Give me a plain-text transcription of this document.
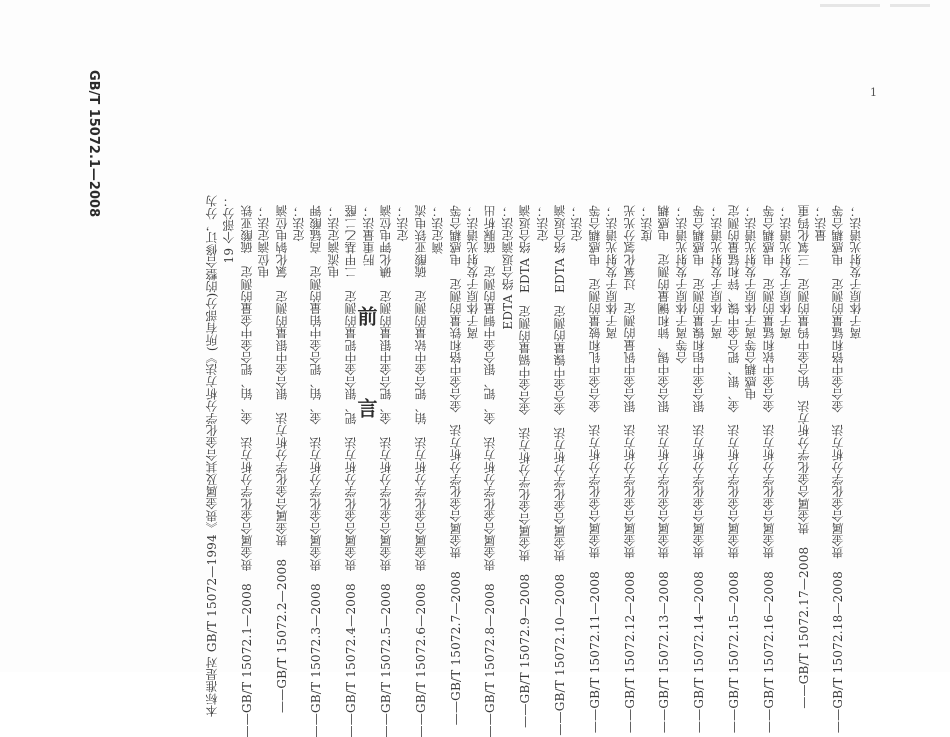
GB/T 15072.1—2008	1
前　言
本标准是对 GB/T 15072—1994《贵金属及其合金化学分析方法》(所有部分)的整合修订，分为 19 个部分： ——GB/T 15072.1—2008　贵金属合金化学分析方法　金、铂、钯合金中金量的测定　硫酸亚铁 电位滴定法； ——GB/T 15072.2—2008　贵金属合金化学分析方法　银合金中银量的测定　氯化钠电位滴 定法； ——GB/T 15072.3—2008　贵金属合金化学分析方法　金、铂、钯合金中铂量的测定　高锰酸钾 电流滴定法； ——GB/T 15072.4—2008　贵金属合金化学分析方法　钯、银合金中钯量的测定　二甲基乙二醛 肟重量法； ——GB/T 15072.5—2008　贵金属合金化学分析方法　金、钯合金中银量的测定　碘化钾电位滴 定法； ——GB/T 15072.6—2008　贵金属合金化学分析方法　铂、钯合金中铱量的测定　硫酸亚铁电流 滴定法； ——GB/T 15072.7—2008　贵金属合金化学分析方法　金合金中铬和铁量的测定　电感耦合等 离子体原子发射光谱法； ——GB/T 15072.8—2008　贵金属合金化学分析方法　金、钯、银合金中铜量的测定　硫脲析出 EDTA 络合返滴定法； ——GB/T 15072.9—2008　贵金属合金化学分析方法　金合金中镉量的测定　EDTA 络合返滴 定法； ——GB/T 15072.10—2008　贵金属合金化学分析方法　金合金中镍量的测定　EDTA 络合返滴 定法； ——GB/T 15072.11—2008　贵金属合金化学分析方法　金合金中钆和铍量的测定　电感耦合等 离子体原子发射光谱法； ——GB/T 15072.12—2008　贵金属合金化学分析方法　银合金中钒量的测定　过氧化氢分光光 度法； ——GB/T 15072.13—2008　贵金属合金化学分析方法　银合金中锡、铈和镧量的测定　电感耦 合等离子体原子发射光谱法； ——GB/T 15072.14—2008　贵金属合金化学分析方法　银合金中铝和镍量的测定　电感耦合等 离子体原子发射光谱法； ——GB/T 15072.15—2008　贵金属合金化学分析方法　金、银、钯合金中镍、锌和锰量的测定 电感耦合等离子体原子发射光谱法； ——GB/T 15072.16—2008　贵金属合金化学分析方法　金合金中铱和锰量的测定　电感耦合等 离子体原子发射光谱法； ——GB/T 15072.17—2008　贵金属合金化学分析方法　铂合金中钨量的测定　三氧化钨重 量法； ——GB/T 15072.18—2008　贵金属合金化学分析方法　金合金中铬和锰量的测定　电感耦合等 离子体原子发射光谱法；
